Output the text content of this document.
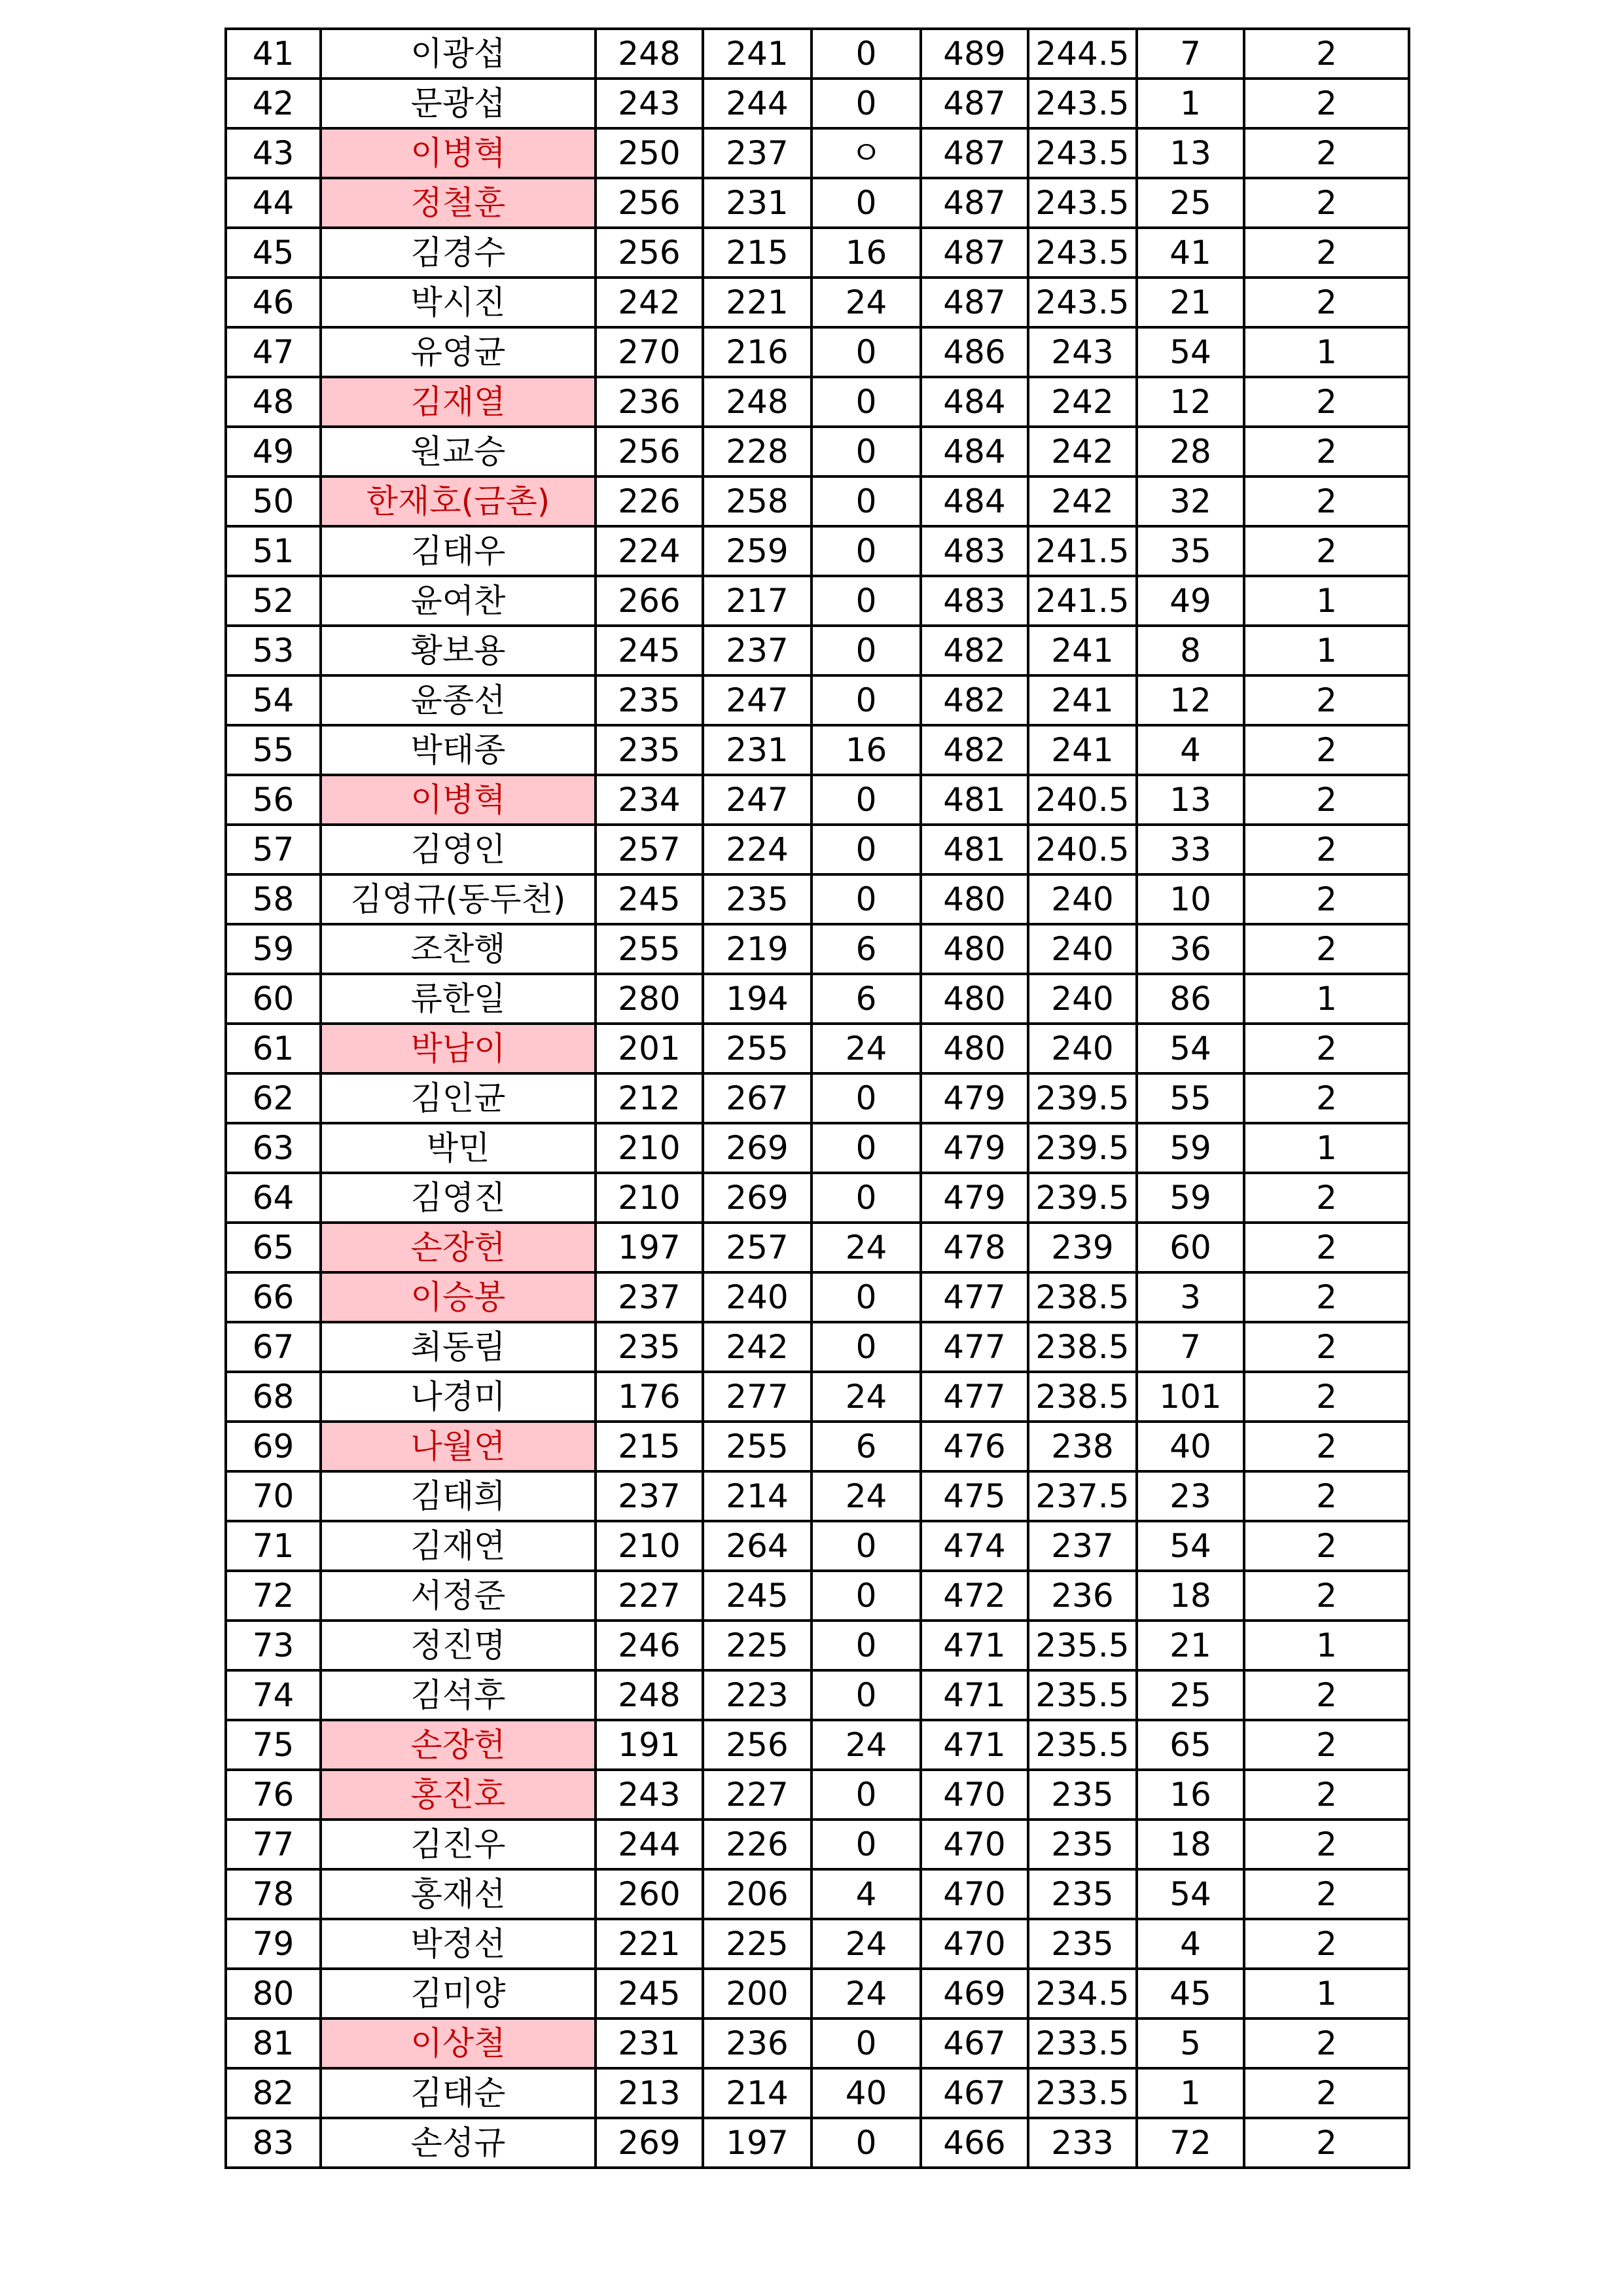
41	이광섭	248	241	0	489	244.5	7	2
42	문광섭	243	244	0	487	243.5	1	2
43	이병혁	250	237	ㅇ	487	243.5	13	2
44	정철훈	256	231	0	487	243.5	25	2
45	김경수	256	215	16	487	243.5	41	2
46	박시진	242	221	24	487	243.5	21	2
47	유영균	270	216	0	486	243	54	1
48	김재열	236	248	0	484	242	12	2
49	원교승	256	228	0	484	242	28	2
50	한재호(금촌)	226	258	0	484	242	32	2
51	김태우	224	259	0	483	241.5	35	2
52	윤여찬	266	217	0	483	241.5	49	1
53	황보용	245	237	0	482	241	8	1
54	윤종선	235	247	0	482	241	12	2
55	박태종	235	231	16	482	241	4	2
56	이병혁	234	247	0	481	240.5	13	2
57	김영인	257	224	0	481	240.5	33	2
58	김영규(동두천)	245	235	0	480	240	10	2
59	조찬행	255	219	6	480	240	36	2
60	류한일	280	194	6	480	240	86	1
61	박남이	201	255	24	480	240	54	2
62	김인균	212	267	0	479	239.5	55	2
63	박민	210	269	0	479	239.5	59	1
64	김영진	210	269	0	479	239.5	59	2
65	손장헌	197	257	24	478	239	60	2
66	이승봉	237	240	0	477	238.5	3	2
67	최동림	235	242	0	477	238.5	7	2
68	나경미	176	277	24	477	238.5	101	2
69	나월연	215	255	6	476	238	40	2
70	김태희	237	214	24	475	237.5	23	2
71	김재연	210	264	0	474	237	54	2
72	서정준	227	245	0	472	236	18	2
73	정진명	246	225	0	471	235.5	21	1
74	김석후	248	223	0	471	235.5	25	2
75	손장헌	191	256	24	471	235.5	65	2
76	홍진호	243	227	0	470	235	16	2
77	김진우	244	226	0	470	235	18	2
78	홍재선	260	206	4	470	235	54	2
79	박정선	221	225	24	470	235	4	2
80	김미양	245	200	24	469	234.5	45	1
81	이상철	231	236	0	467	233.5	5	2
82	김태순	213	214	40	467	233.5	1	2
83	손성규	269	197	0	466	233	72	2
